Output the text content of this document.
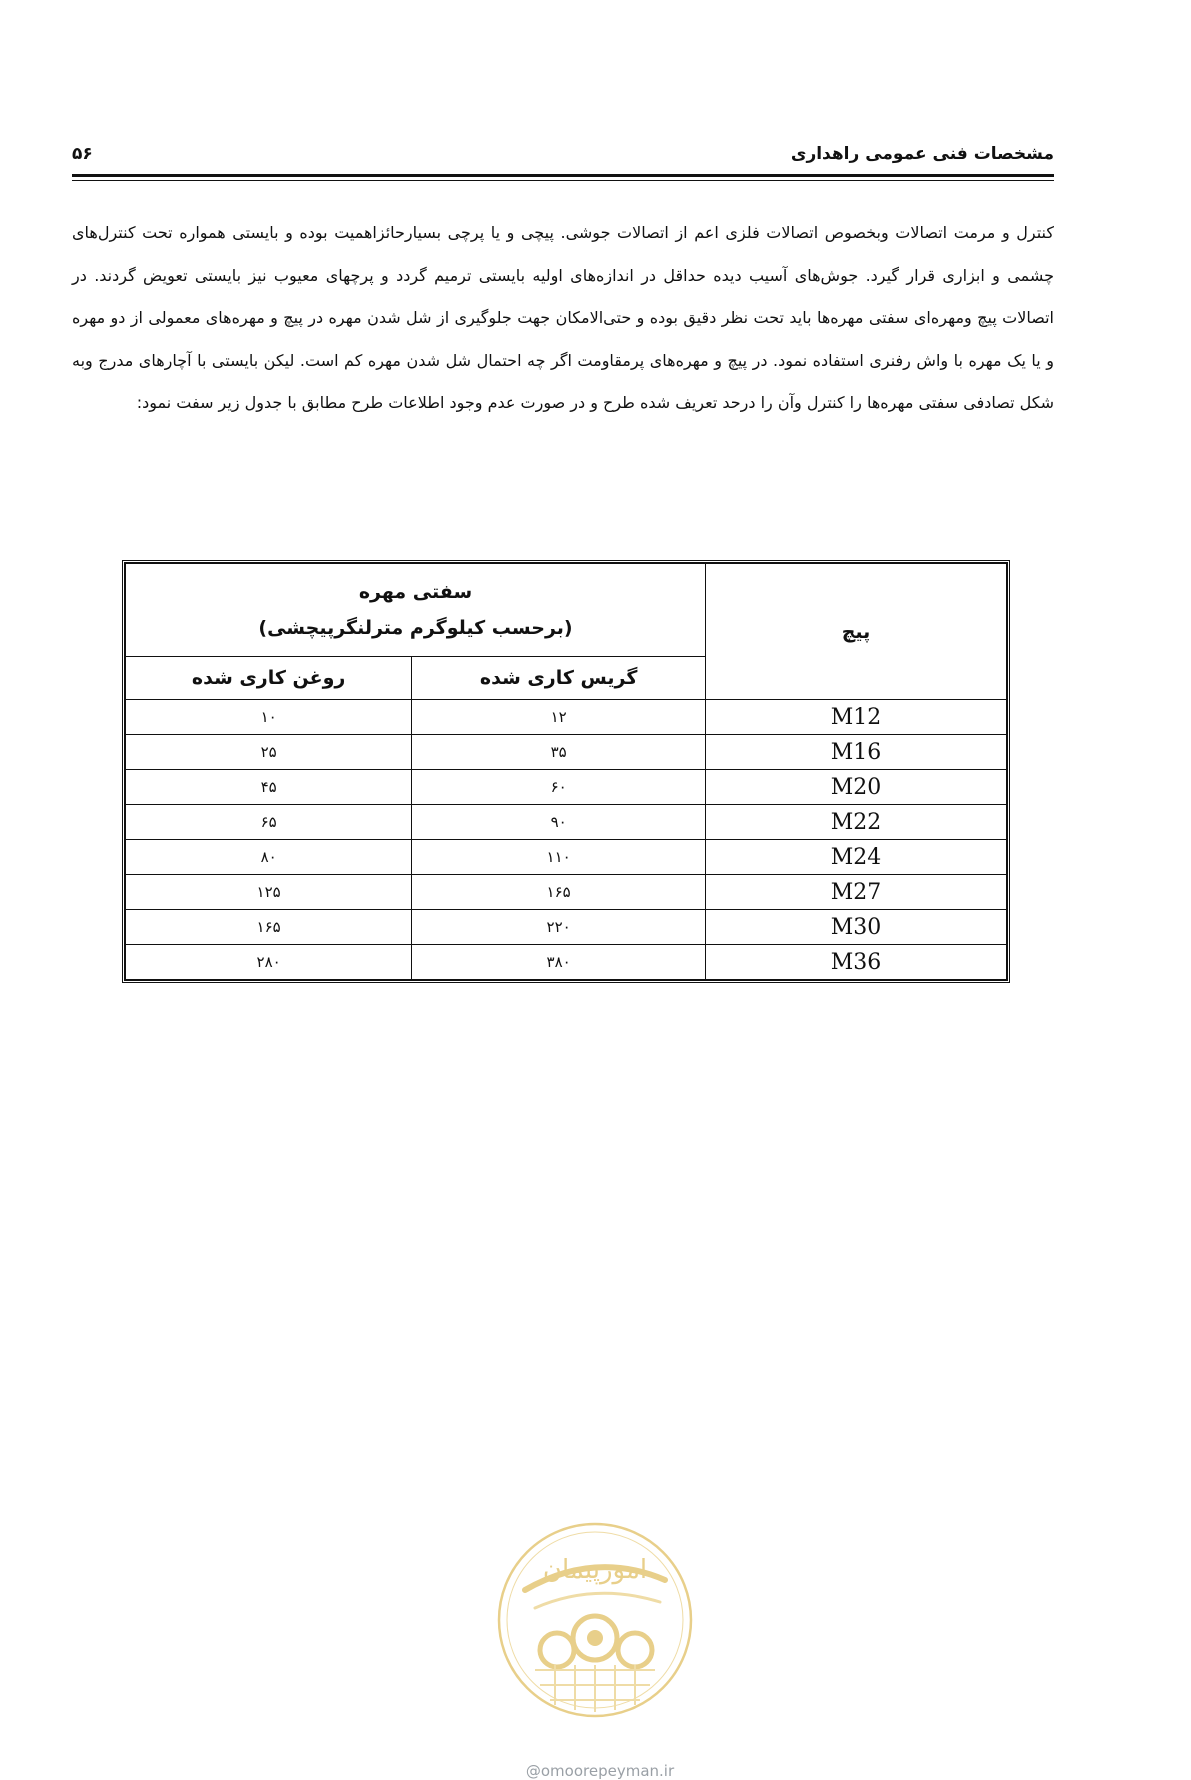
مشخصات فنی عمومی راهداری
۵۶
کنترل و مرمت اتصالات وبخصوص اتصالات فلزی اعم از اتصالات جوشی. پیچی و یا پرچی بسیارحائزاهمیت بوده و بایستی همواره تحت کنترل‌های چشمی و ابزاری قرار گیرد. جوش‌های آسیب دیده حداقل در اندازه‌های اولیه بایستی ترمیم گردد و پرچهای معیوب نیز بایستی تعویض گردند. در اتصالات پیچ ومهره‌ای سفتی مهره‌ها باید تحت نظر دقیق بوده و حتی‌الامکان جهت جلوگیری از شل شدن مهره در پیچ و مهره‌های معمولی از دو مهره و یا یک مهره با واش رفنری استفاده نمود. در پیچ و مهره‌های پرمقاومت اگر چه احتمال شل شدن مهره کم است. لیکن بایستی با آچارهای مدرج وبه شکل تصادفی سفتی مهره‌ها را کنترل وآن را درحد تعریف شده طرح و در صورت عدم وجود اطلاعات طرح مطابق با جدول زیر سفت نمود:
پیچ	سفتی مهره
(برحسب کیلوگرم مترلنگرپیچشی)	

	گریس کاری شده	روغن کاری شده
M12	۱۲	۱۰
M16	۳۵	۲۵
M20	۶۰	۴۵
M22	۹۰	۶۵
M24	۱۱۰	۸۰
M27	۱۶۵	۱۲۵
M30	۲۲۰	۱۶۵
M36	۳۸۰	۲۸۰
امورپیمان
@omoorepeyman.ir
